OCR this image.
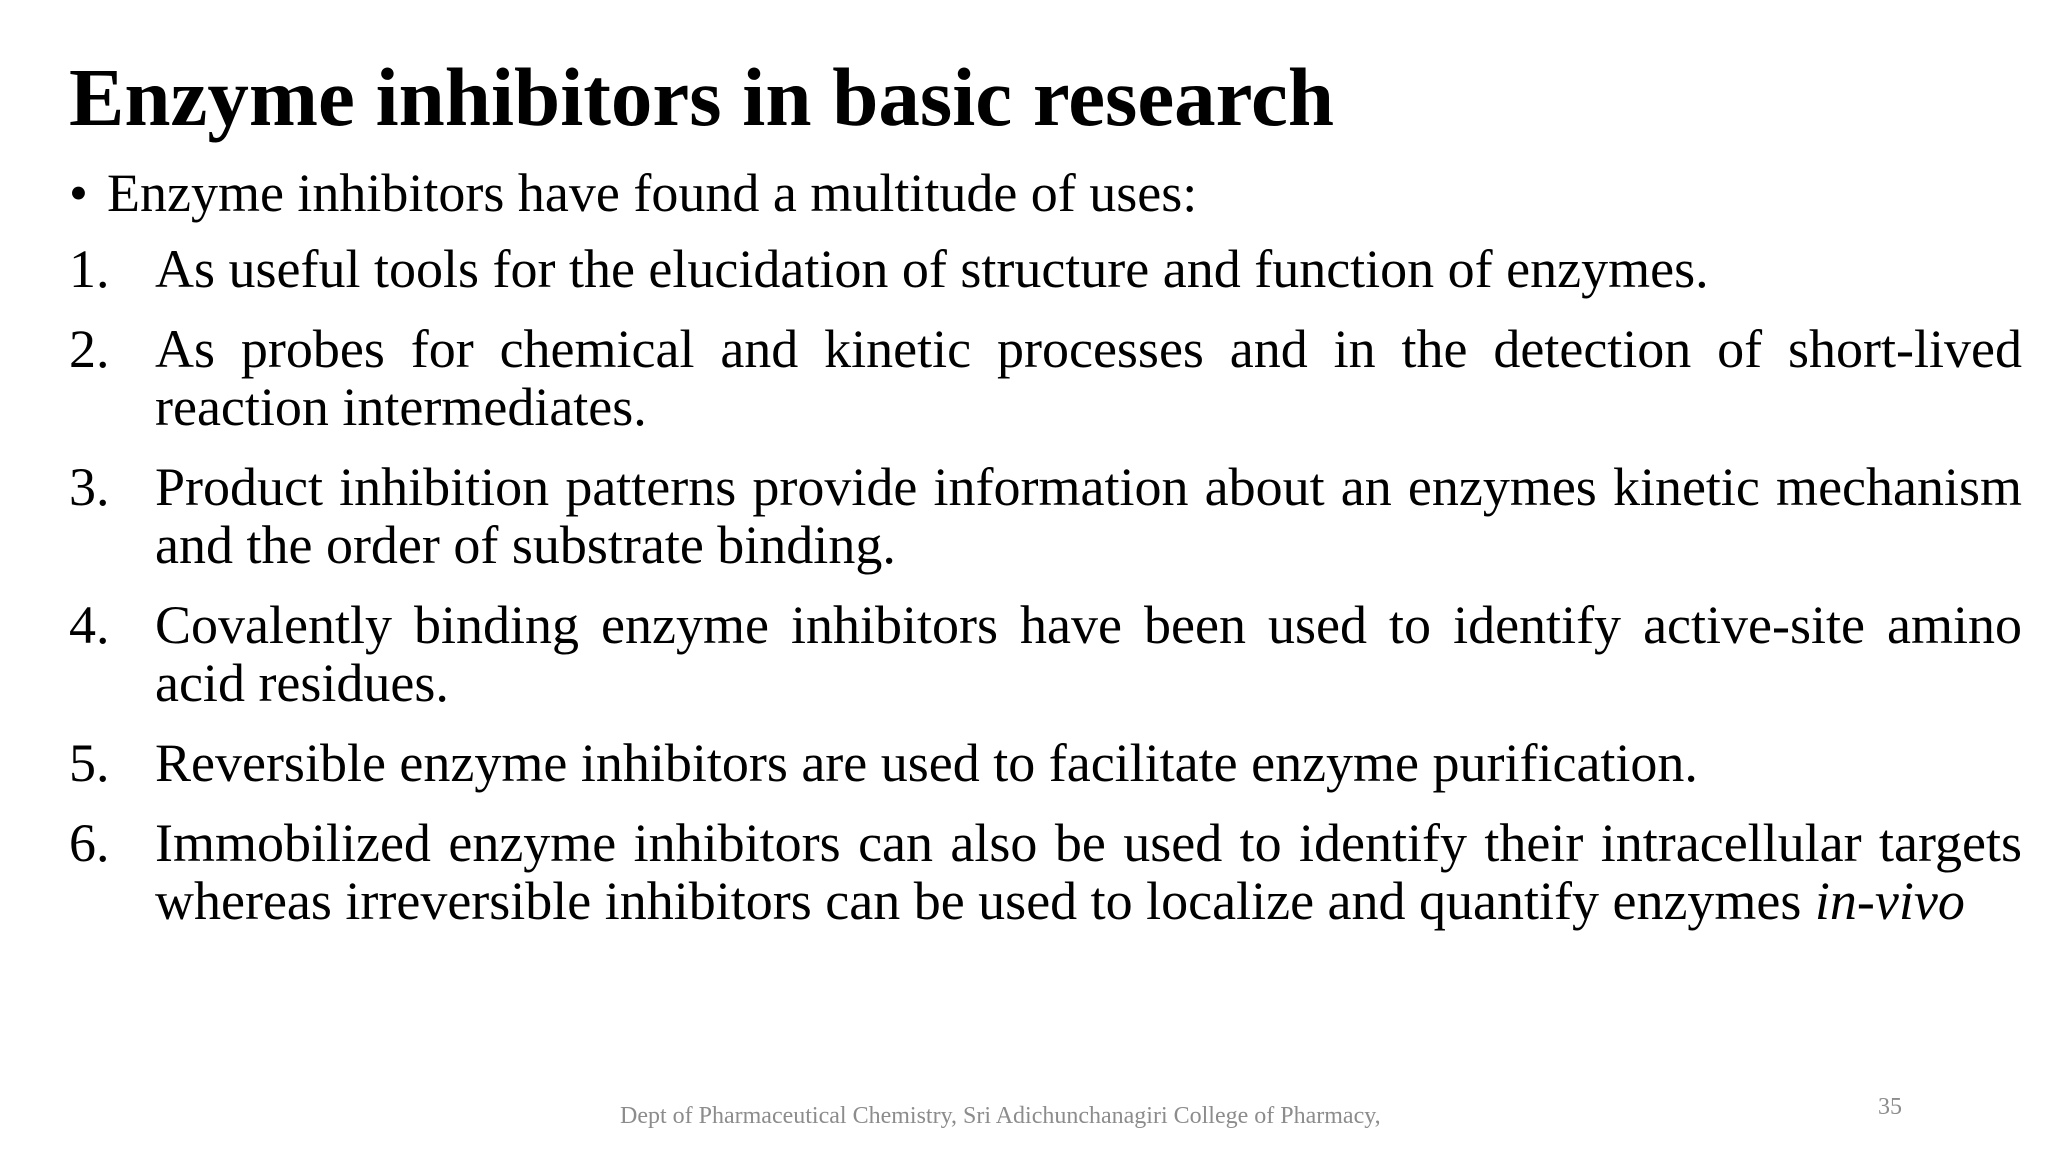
Enzyme inhibitors in basic research
• Enzyme inhibitors have found a multitude of uses:
1. As useful tools for the elucidation of structure and function of enzymes.
2. As probes for chemical and kinetic processes and in the detection of short-lived reaction intermediates.
3. Product inhibition patterns provide information about an enzymes kinetic mechanism and the order of substrate binding.
4. Covalently binding enzyme inhibitors have been used to identify active-site amino acid residues.
5. Reversible enzyme inhibitors are used to facilitate enzyme purification.
6. Immobilized enzyme inhibitors can also be used to identify their intracellular targets whereas irreversible inhibitors can be used to localize and quantify enzymes in-vivo
Dept of Pharmaceutical Chemistry, Sri Adichunchanagiri College of Pharmacy,	35
